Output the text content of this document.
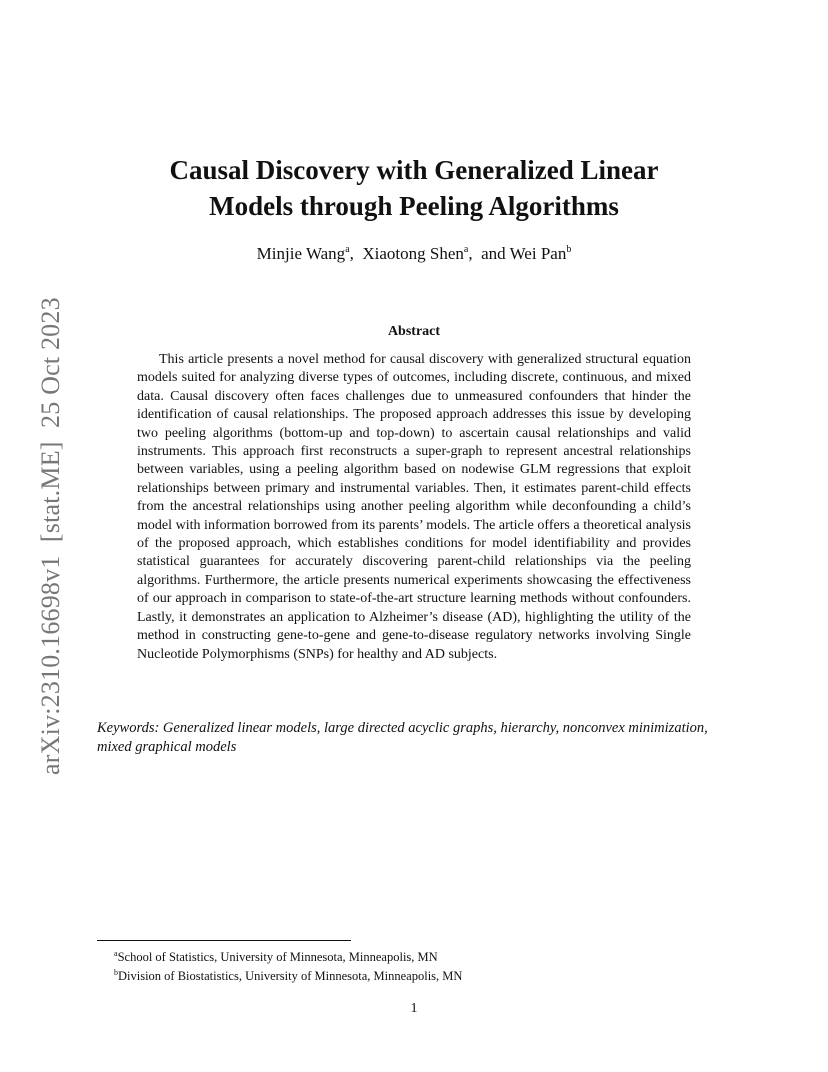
arXiv:2310.16698v1  [stat.ME]  25 Oct 2023
Causal Discovery with Generalized Linear
Models through Peeling Algorithms
Minjie Wang$^a$, Xiaotong Shen$^a$, and Wei Pan$^b$
Abstract
This article presents a novel method for causal discovery with generalized structural equation models suited for analyzing diverse types of outcomes, including discrete, continuous, and mixed data. Causal discovery often faces challenges due to unmeasured confounders that hinder the identification of causal relationships. The proposed approach addresses this issue by developing two peeling algorithms (bottom-up and top-down) to ascertain causal relationships and valid instruments. This approach first reconstructs a super-graph to represent ancestral relationships between variables, using a peeling algorithm based on nodewise GLM regressions that exploit relationships between primary and instrumental variables. Then, it estimates parent-child effects from the ancestral relationships using another peeling algorithm while deconfounding a child’s model with information borrowed from its parents’ models. The article offers a theoretical analysis of the proposed approach, which establishes conditions for model identifiability and provides statistical guarantees for accurately discovering parent-child relationships via the peeling algorithms. Furthermore, the article presents numerical experiments showcasing the effectiveness of our approach in comparison to state-of-the-art structure learning methods without confounders. Lastly, it demonstrates an application to Alzheimer’s disease (AD), highlighting the utility of the method in constructing gene-to-gene and gene-to-disease regulatory networks involving Single Nucleotide Polymorphisms (SNPs) for healthy and AD subjects.
Keywords: Generalized linear models, large directed acyclic graphs, hierarchy, nonconvex minimization, mixed graphical models
$^a$School of Statistics, University of Minnesota, Minneapolis, MN
$^b$Division of Biostatistics, University of Minnesota, Minneapolis, MN
1
